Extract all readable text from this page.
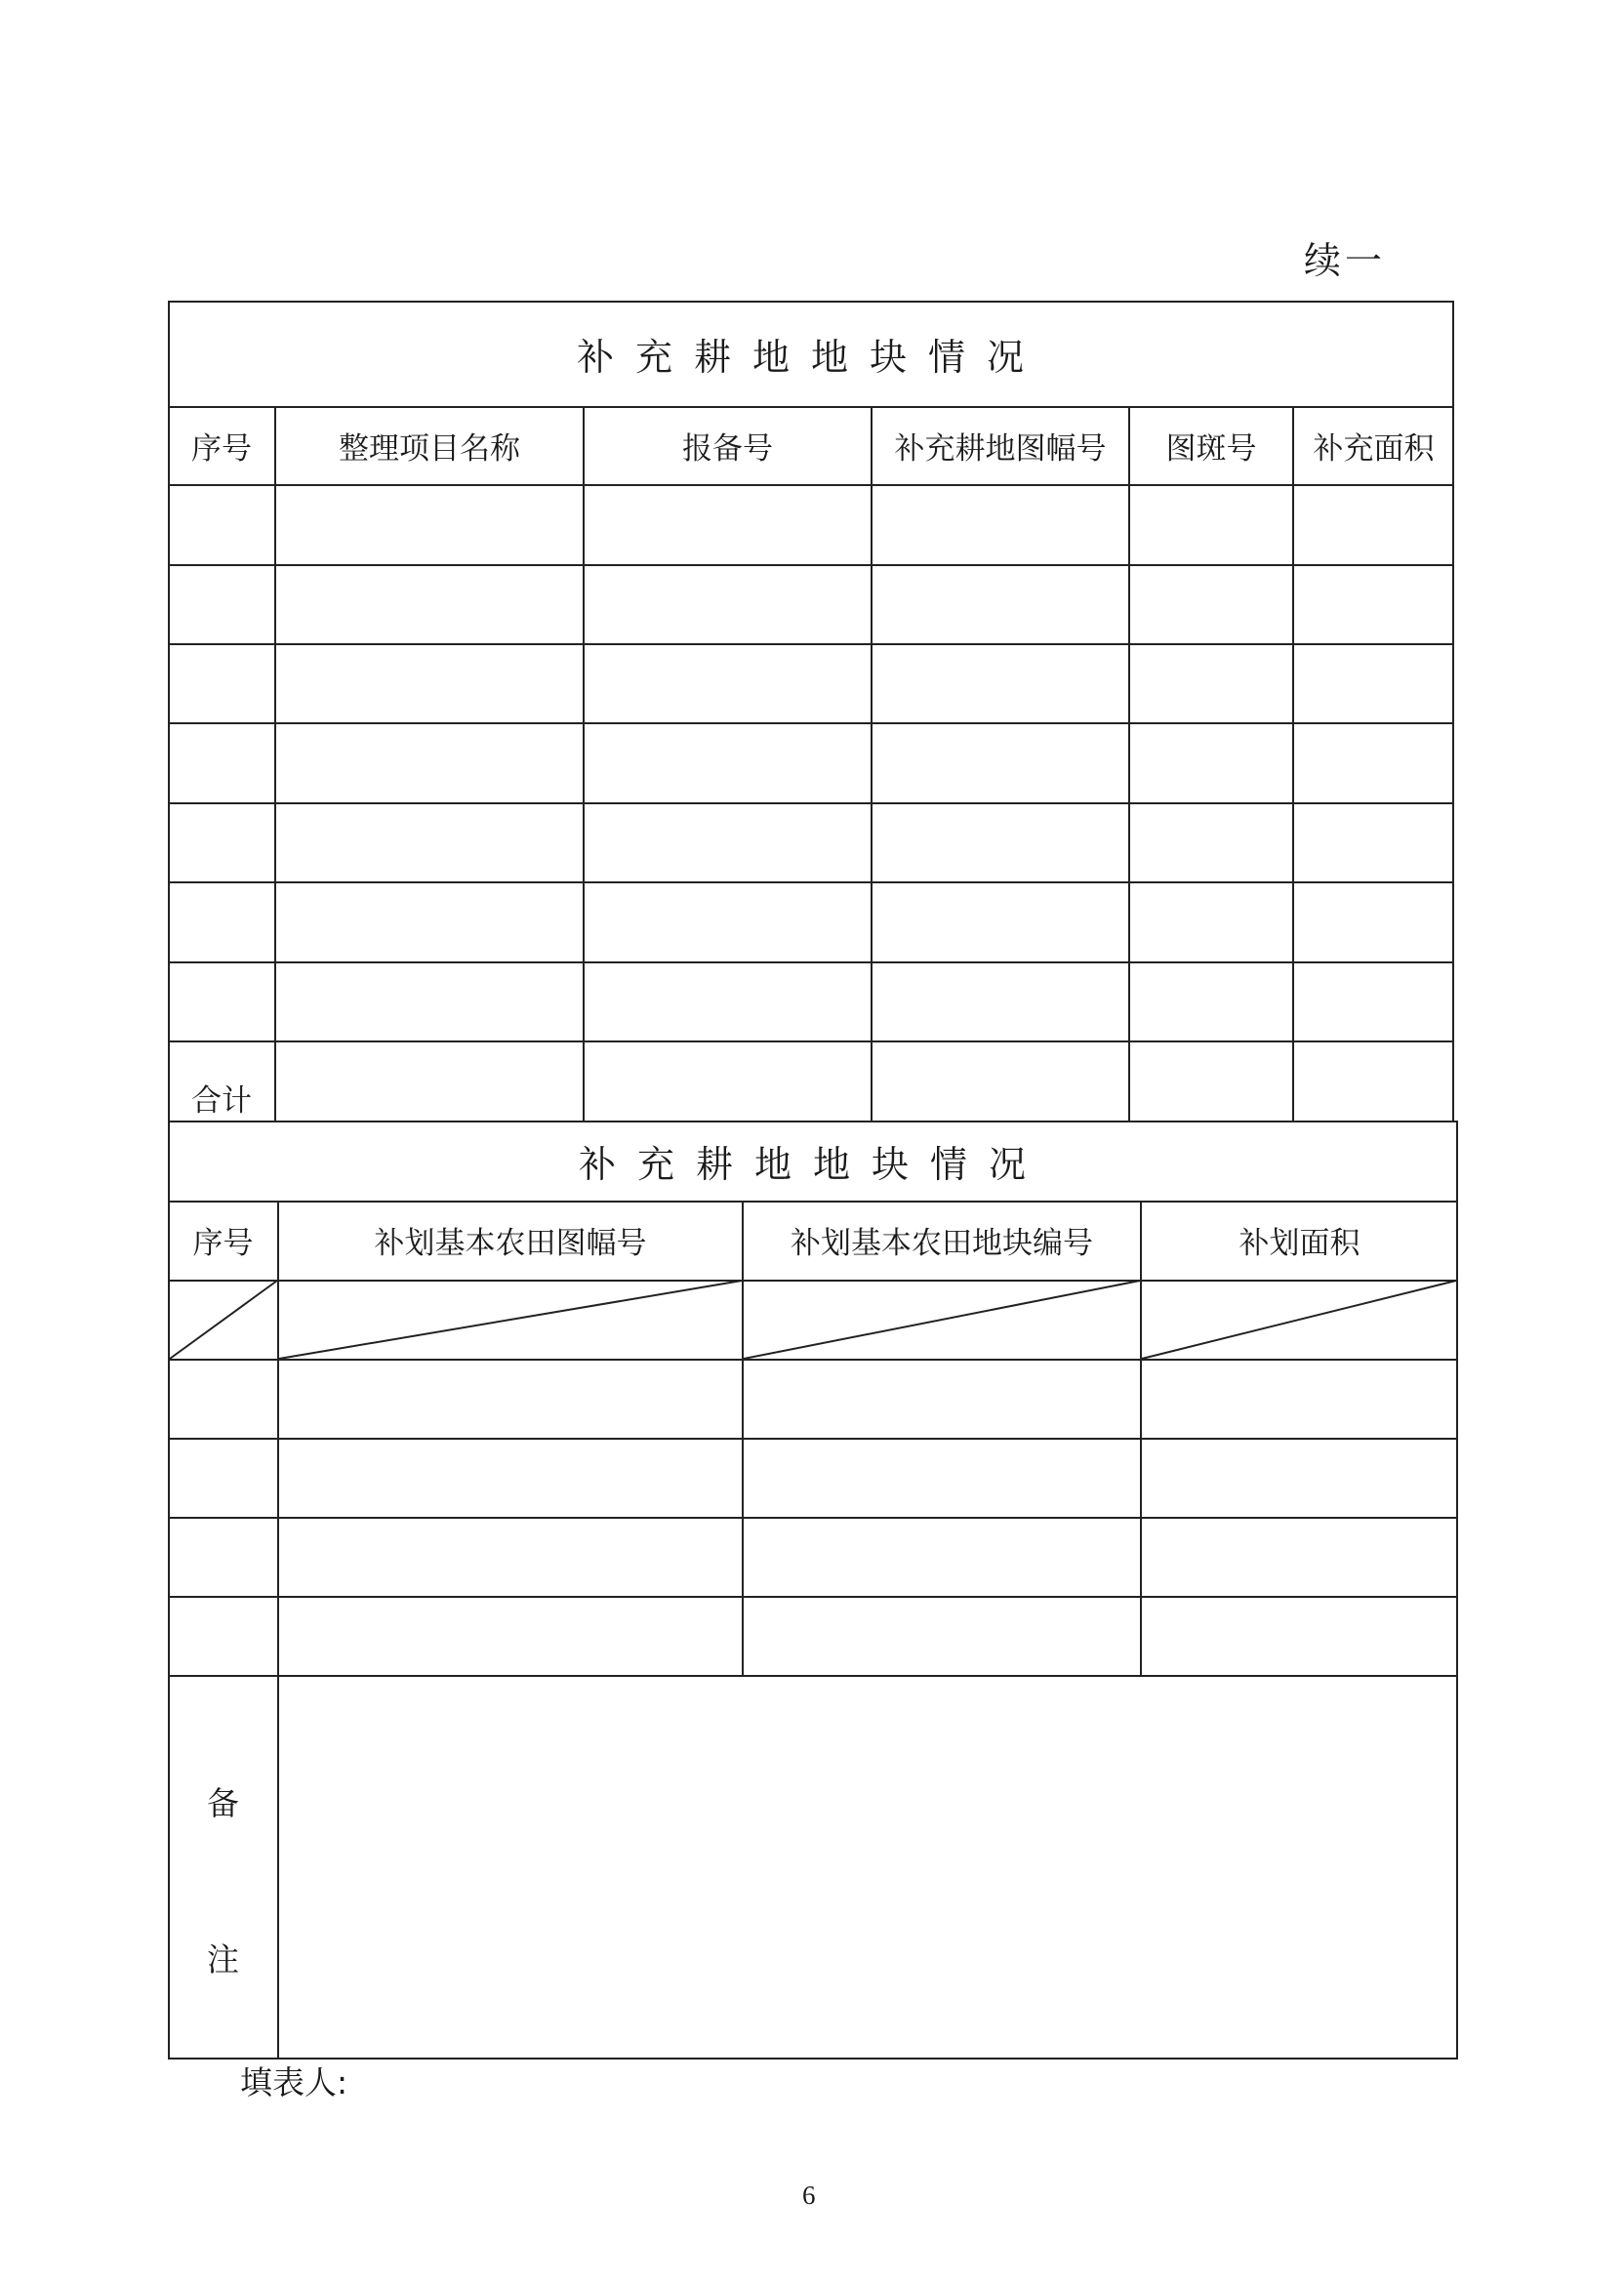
续一
补充耕地地块情况
序号	整理项目名称	报备号	补充耕地图幅号	图斑号	补充面积
合计
补充耕地地块情况
序号	补划基本农田图幅号	补划基本农田地块编号	补划面积
备
注
填表人:
6
